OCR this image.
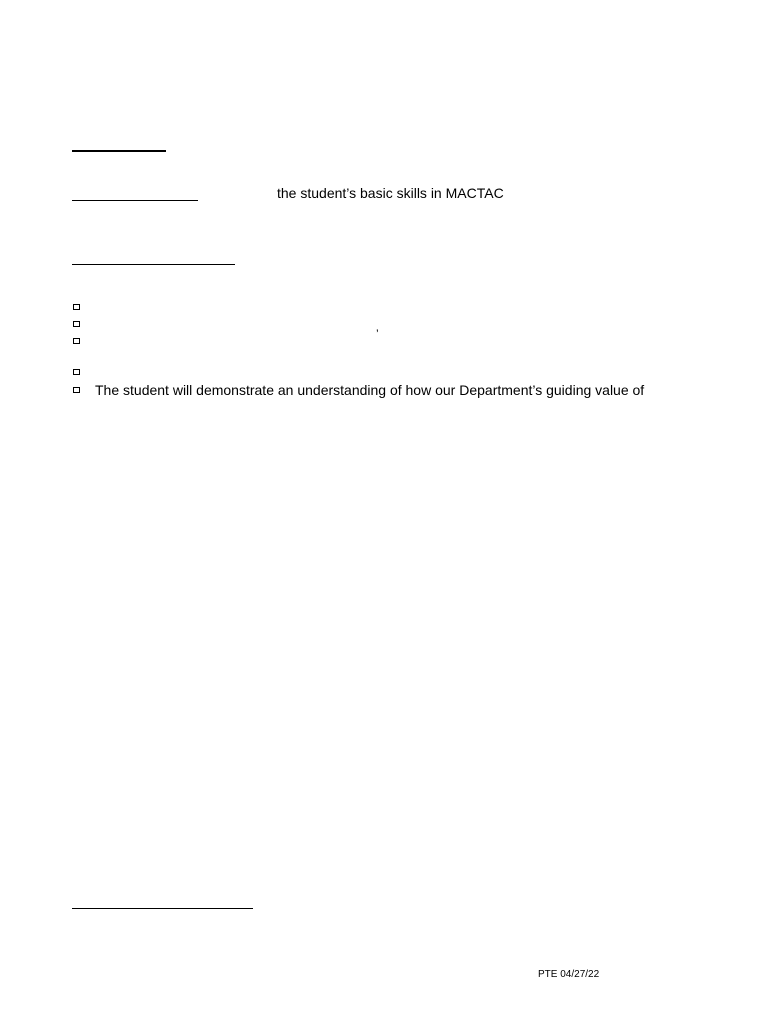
the student’s basic skills in MACTAC
’
The student will demonstrate an understanding of how our Department’s guiding value of
PTE 04/27/22
